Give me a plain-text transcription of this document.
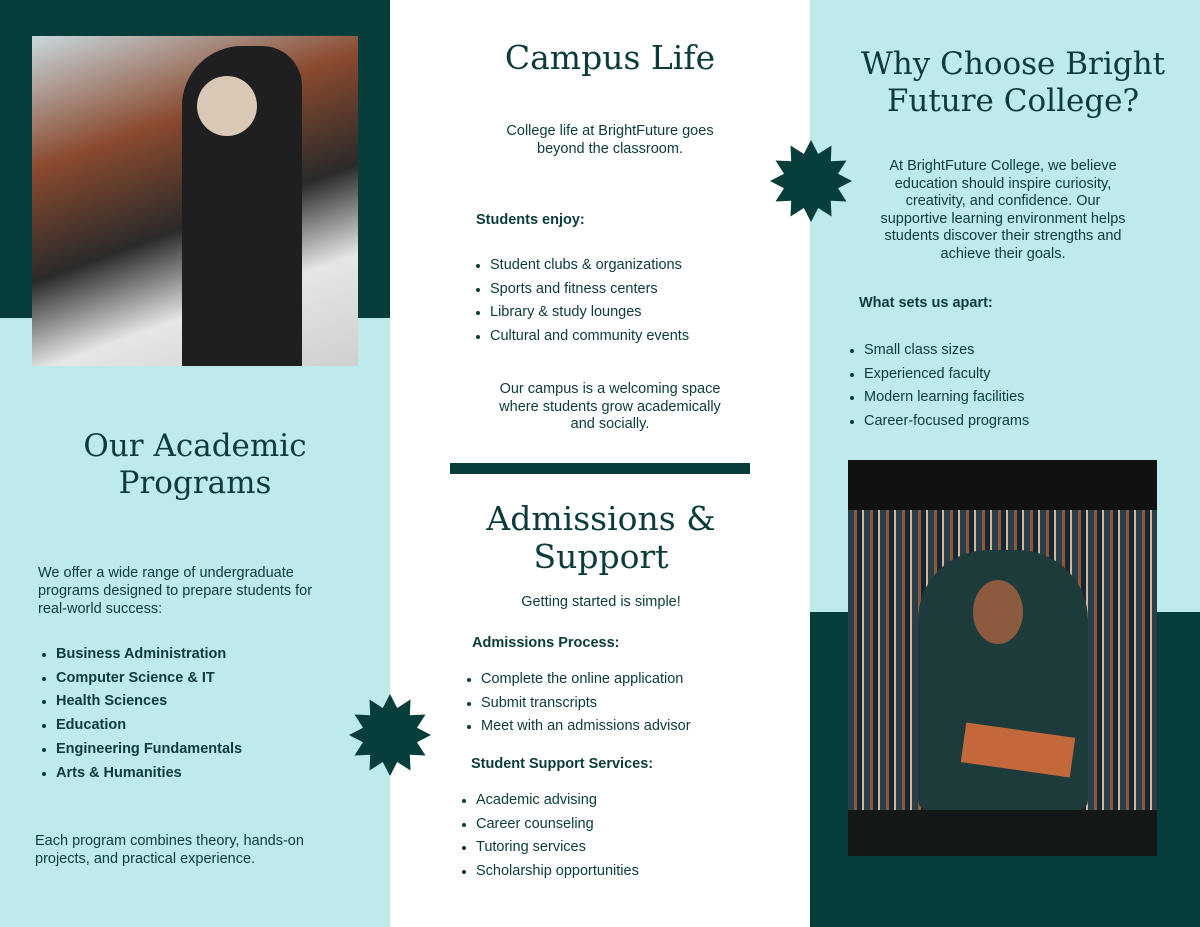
Our Academic Programs

We offer a wide range of undergraduate programs designed to prepare students for real-world success:

Business Administration
Computer Science & IT
Health Sciences
Education
Engineering Fundamentals
Arts & Humanities

Each program combines theory, hands-on projects, and practical experience.

Campus Life

College life at BrightFuture goes beyond the classroom.

Students enjoy:
Student clubs & organizations
Sports and fitness centers
Library & study lounges
Cultural and community events

Our campus is a welcoming space where students grow academically and socially.

Admissions & Support

Getting started is simple!

Admissions Process:
Complete the online application
Submit transcripts
Meet with an admissions advisor
Student Support Services:
Academic advising
Career counseling
Tutoring services
Scholarship opportunities
Why Choose Bright Future College?

At BrightFuture College, we believe education should inspire curiosity, creativity, and confidence. Our supportive learning environment helps students discover their strengths and achieve their goals.

What sets us apart:
Small class sizes
Experienced faculty
Modern learning facilities
Career-focused programs
